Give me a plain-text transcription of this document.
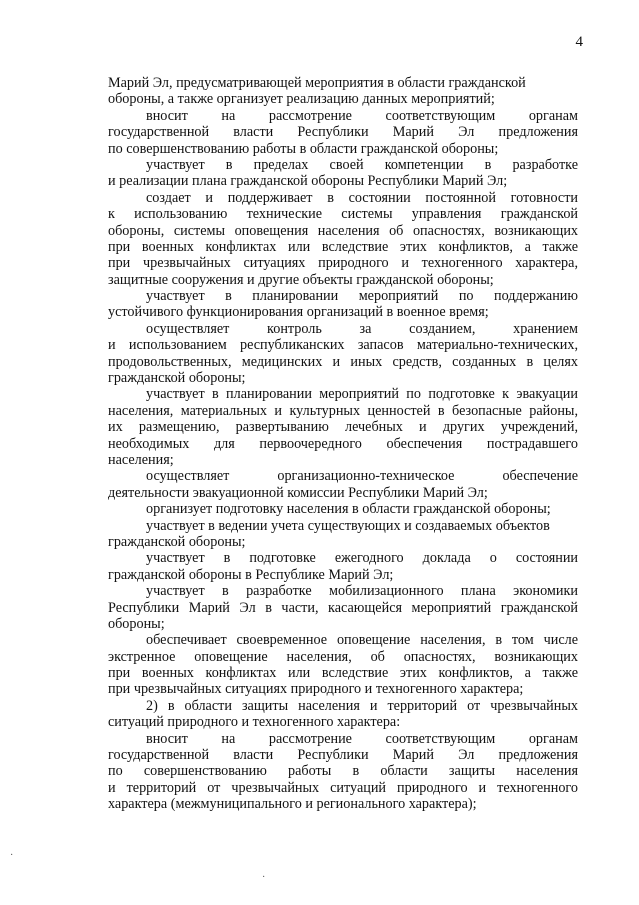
4
Марий Эл, предусматривающей мероприятия в области гражданской
обороны, а также организует реализацию данных мероприятий;
вносит на рассмотрение соответствующим органам
государственной власти Республики Марий Эл предложения
по совершенствованию работы в области гражданской обороны;
участвует в пределах своей компетенции в разработке
и реализации плана гражданской обороны Республики Марий Эл;
создает и поддерживает в состоянии постоянной готовности
к использованию технические системы управления гражданской
обороны, системы оповещения населения об опасностях, возникающих
при военных конфликтах или вследствие этих конфликтов, а также
при чрезвычайных ситуациях природного и техногенного характера,
защитные сооружения и другие объекты гражданской обороны;
участвует в планировании мероприятий по поддержанию
устойчивого функционирования организаций в военное время;
осуществляет контроль за созданием, хранением
и использованием республиканских запасов материально-технических,
продовольственных, медицинских и иных средств, созданных в целях
гражданской обороны;
участвует в планировании мероприятий по подготовке к эвакуации
населения, материальных и культурных ценностей в безопасные районы,
их размещению, развертыванию лечебных и других учреждений,
необходимых для первоочередного обеспечения пострадавшего
населения;
осуществляет организационно-техническое обеспечение
деятельности эвакуационной комиссии Республики Марий Эл;
организует подготовку населения в области гражданской обороны;
участвует в ведении учета существующих и создаваемых объектов
гражданской обороны;
участвует в подготовке ежегодного доклада о состоянии
гражданской обороны в Республике Марий Эл;
участвует в разработке мобилизационного плана экономики
Республики Марий Эл в части, касающейся мероприятий гражданской
обороны;
обеспечивает своевременное оповещение населения, в том числе
экстренное оповещение населения, об опасностях, возникающих
при военных конфликтах или вследствие этих конфликтов, а также
при чрезвычайных ситуациях природного и техногенного характера;
2) в области защиты населения и территорий от чрезвычайных
ситуаций природного и техногенного характера:
вносит на рассмотрение соответствующим органам
государственной власти Республики Марий Эл предложения
по совершенствованию работы в области защиты населения
и территорий от чрезвычайных ситуаций природного и техногенного
характера (межмуниципального и регионального характера);
·
·
